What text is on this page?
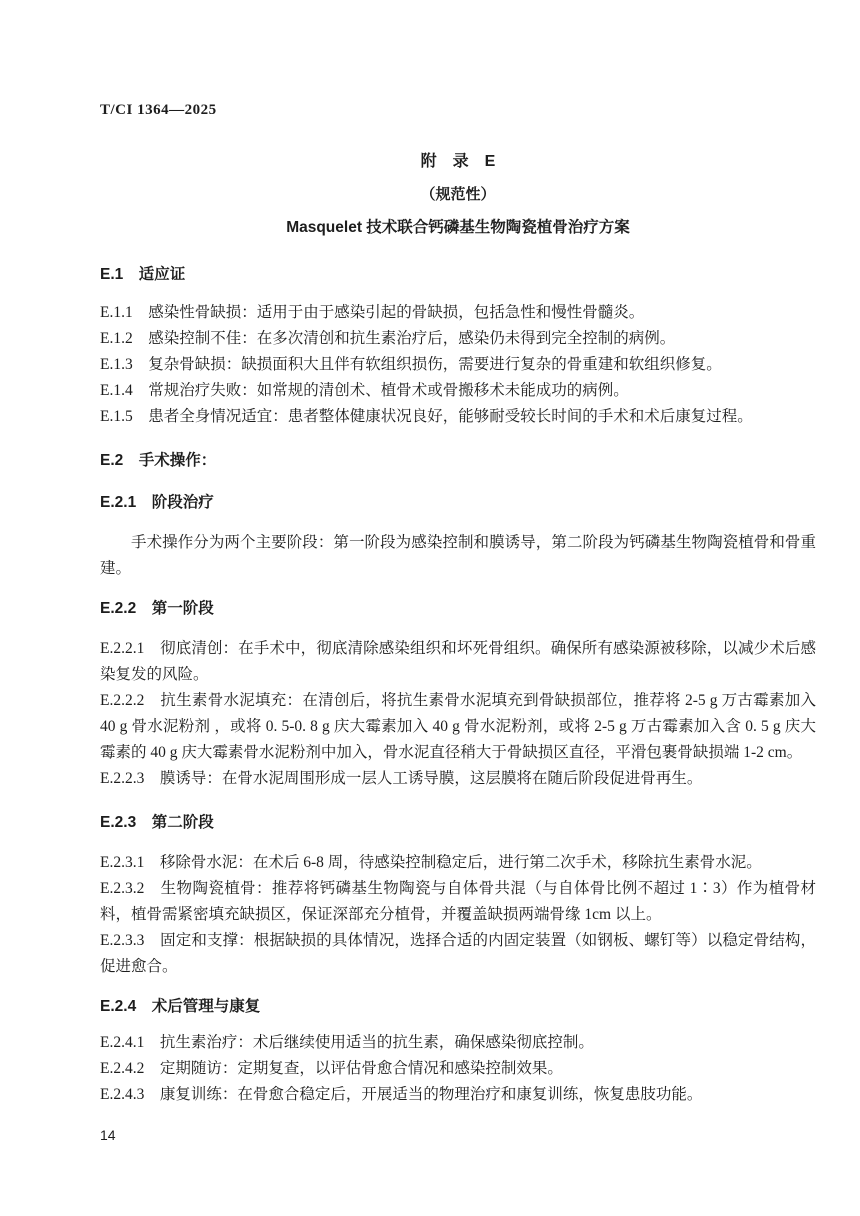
T/CI 1364—2025
附　录　E
（规范性）
Masquelet 技术联合钙磷基生物陶瓷植骨治疗方案
E.1　适应证

E.1.1　感染性骨缺损：适用于由于感染引起的骨缺损，包括急性和慢性骨髓炎。

E.1.2　感染控制不佳：在多次清创和抗生素治疗后，感染仍未得到完全控制的病例。

E.1.3　复杂骨缺损：缺损面积大且伴有软组织损伤，需要进行复杂的骨重建和软组织修复。

E.1.4　常规治疗失败：如常规的清创术、植骨术或骨搬移术未能成功的病例。

E.1.5　患者全身情况适宜：患者整体健康状况良好，能够耐受较长时间的手术和术后康复过程。

E.2　手术操作：
E.2.1　阶段治疗

手术操作分为两个主要阶段：第一阶段为感染控制和膜诱导，第二阶段为钙磷基生物陶瓷植骨和骨重建。

E.2.2　第一阶段

E.2.2.1　彻底清创：在手术中，彻底清除感染组织和坏死骨组织。确保所有感染源被移除，以减少术后感染复发的风险。

E.2.2.2　抗生素骨水泥填充：在清创后，将抗生素骨水泥填充到骨缺损部位，推荐将 2-5 g 万古霉素加入 40 g 骨水泥粉剂 ，或将 0. 5-0. 8 g 庆大霉素加入 40 g 骨水泥粉剂，或将 2-5 g 万古霉素加入含 0. 5 g 庆大霉素的 40 g 庆大霉素骨水泥粉剂中加入，骨水泥直径稍大于骨缺损区直径，平滑包裹骨缺损端 1-2 cm。

E.2.2.3　膜诱导：在骨水泥周围形成一层人工诱导膜，这层膜将在随后阶段促进骨再生。

E.2.3　第二阶段

E.2.3.1　移除骨水泥：在术后 6-8 周，待感染控制稳定后，进行第二次手术，移除抗生素骨水泥。

E.2.3.2　生物陶瓷植骨：推荐将钙磷基生物陶瓷与自体骨共混（与自体骨比例不超过 1∶3）作为植骨材料，植骨需紧密填充缺损区，保证深部充分植骨，并覆盖缺损两端骨缘 1cm 以上。

E.2.3.3　固定和支撑：根据缺损的具体情况，选择合适的内固定装置（如钢板、螺钉等）以稳定骨结构，促进愈合。

E.2.4　术后管理与康复

E.2.4.1　抗生素治疗：术后继续使用适当的抗生素，确保感染彻底控制。

E.2.4.2　定期随访：定期复查，以评估骨愈合情况和感染控制效果。

E.2.4.3　康复训练：在骨愈合稳定后，开展适当的物理治疗和康复训练，恢复患肢功能。

14
